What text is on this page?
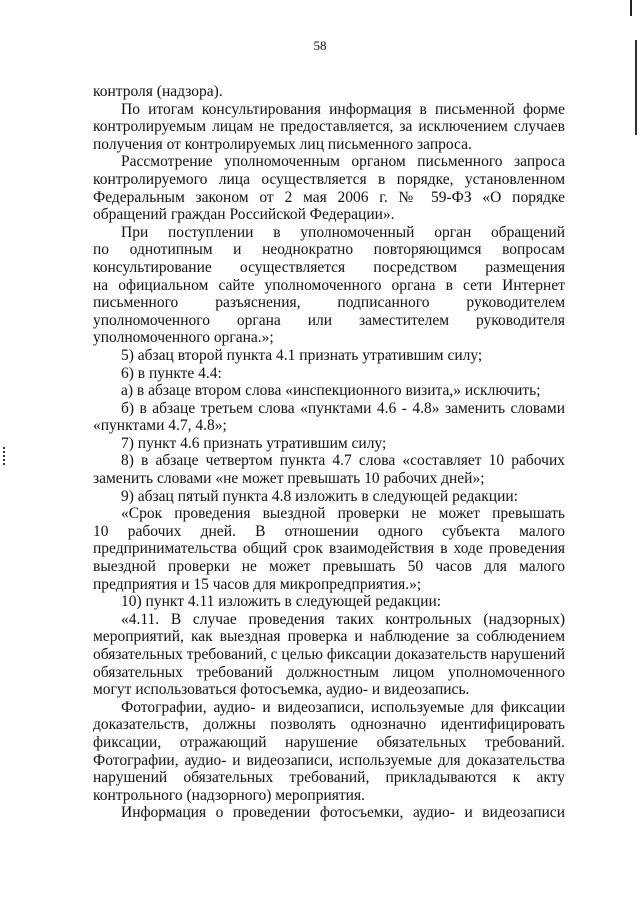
58
контроля (надзора).
По итогам консультирования информация в письменной форме
контролируемым лицам не предоставляется, за исключением случаев
получения от контролируемых лиц письменного запроса.
Рассмотрение уполномоченным органом письменного запроса
контролируемого лица осуществляется в порядке, установленном
Федеральным законом от 2 мая 2006 г. № 59-ФЗ «О порядке
обращений граждан Российской Федерации».
При поступлении в уполномоченный орган обращений
по однотипным и неоднократно повторяющимся вопросам
консультирование осуществляется посредством размещения
на официальном сайте уполномоченного органа в сети Интернет
письменного разъяснения, подписанного руководителем
уполномоченного органа или заместителем руководителя
уполномоченного органа.»;
5) абзац второй пункта 4.1 признать утратившим силу;
6) в пункте 4.4:
а) в абзаце втором слова «инспекционного визита,» исключить;
б) в абзаце третьем слова «пунктами 4.6 - 4.8» заменить словами
«пунктами 4.7, 4.8»;
7) пункт 4.6 признать утратившим силу;
8) в абзаце четвертом пункта 4.7 слова «составляет 10 рабочих
заменить словами «не может превышать 10 рабочих дней»;
9) абзац пятый пункта 4.8 изложить в следующей редакции:
«Срок проведения выездной проверки не может превышать
10 рабочих дней. В отношении одного субъекта малого
предпринимательства общий срок взаимодействия в ходе проведения
выездной проверки не может превышать 50 часов для малого
предприятия и 15 часов для микропредприятия.»;
10) пункт 4.11 изложить в следующей редакции:
«4.11. В случае проведения таких контрольных (надзорных)
мероприятий, как выездная проверка и наблюдение за соблюдением
обязательных требований, с целью фиксации доказательств нарушений
обязательных требований должностным лицом уполномоченного
могут использоваться фотосъемка, аудио- и видеозапись.
Фотографии, аудио- и видеозаписи, используемые для фиксации
доказательств, должны позволять однозначно идентифицировать
фиксации, отражающий нарушение обязательных требований.
Фотографии, аудио- и видеозаписи, используемые для доказательства
нарушений обязательных требований, прикладываются к акту
контрольного (надзорного) мероприятия.
Информация о проведении фотосъемки, аудио- и видеозаписи
